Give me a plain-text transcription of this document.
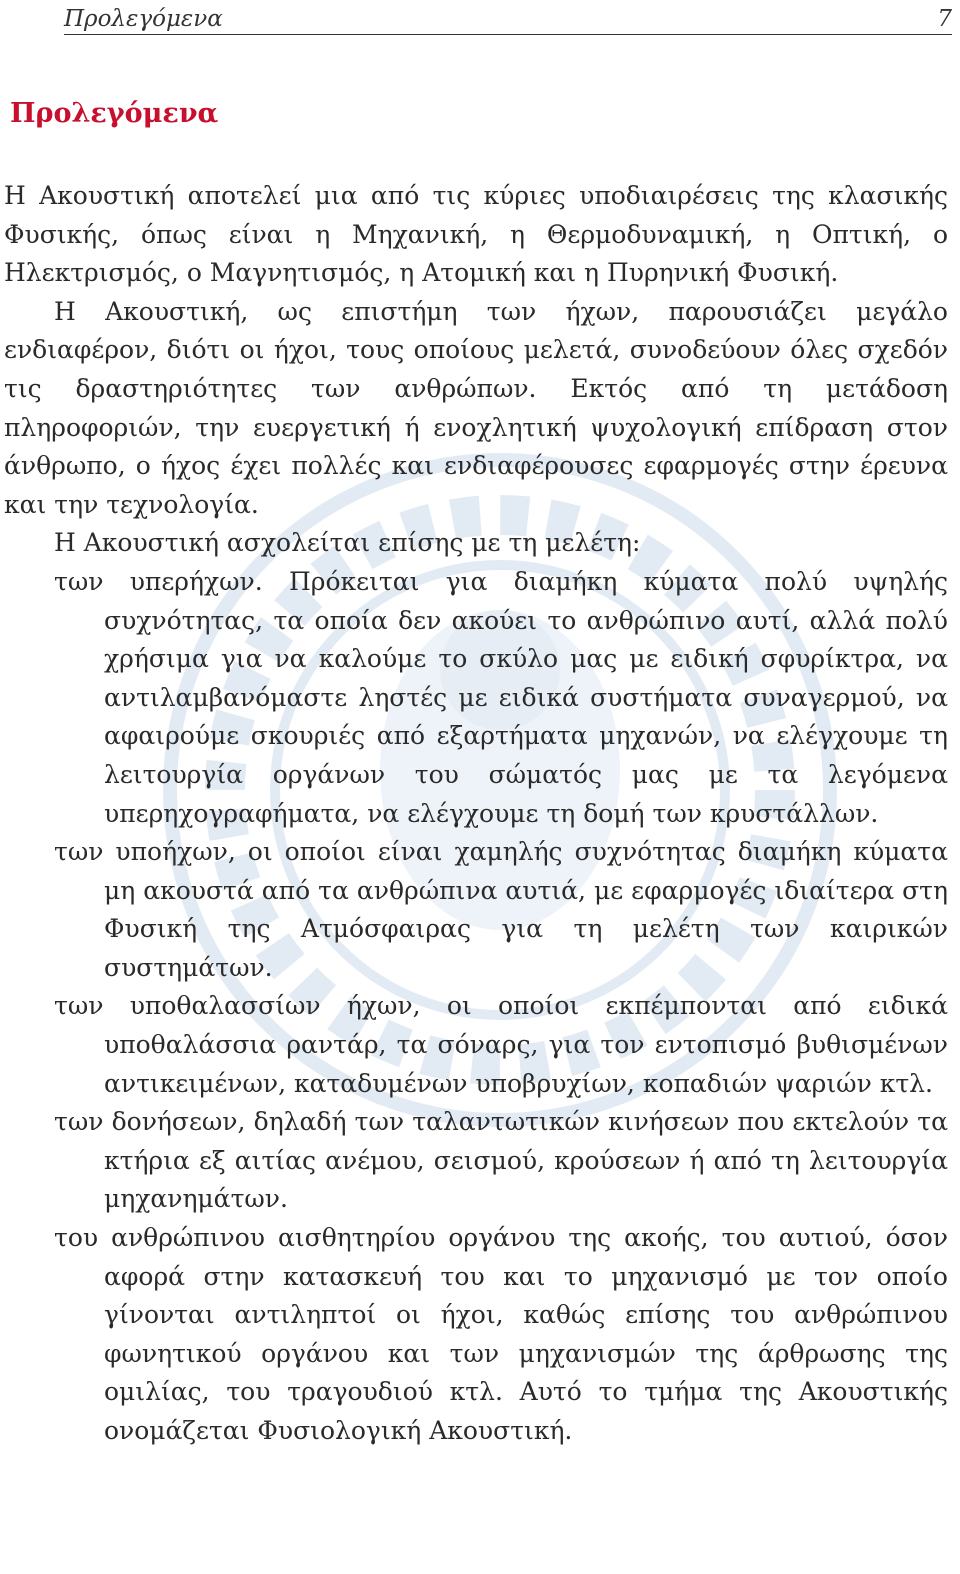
Προλεγόμενα	7
Προλεγόμενα

Η Ακουστική αποτελεί μια από τις κύριες υποδιαιρέσεις της κλασικής Φυσικής, όπως είναι η Μηχανική, η Θερμοδυναμική, η Οπτική, ο Ηλεκτρισμός, ο Μαγνητισμός, η Ατομική και η Πυρηνική Φυσική.

Η Ακουστική, ως επιστήμη των ήχων, παρουσιάζει μεγάλο ενδιαφέρον, διότι οι ήχοι, τους οποίους μελετά, συνοδεύουν όλες σχεδόν τις δραστηριότητες των ανθρώπων. Εκτός από τη μετάδοση πληροφοριών, την ευεργετική ή ενοχλητική ψυχολογική επίδραση στον άνθρωπο, ο ήχος έχει πολλές και ενδιαφέρουσες εφαρμογές στην έρευνα και την τεχνολογία.

Η Ακουστική ασχολείται επίσης με τη μελέτη:

των υπερήχων. Πρόκειται για διαμήκη κύματα πολύ υψηλής συχνότητας, τα οποία δεν ακούει το ανθρώπινο αυτί, αλλά πολύ χρήσιμα για να καλούμε το σκύλο μας με ειδική σφυρίκτρα, να αντιλαμβανόμαστε ληστές με ειδικά συστήματα συναγερμού, να αφαιρούμε σκουριές από εξαρτήματα μηχανών, να ελέγχουμε τη λειτουργία οργάνων του σώματός μας με τα λεγόμενα υπερηχογραφήματα, να ελέγχουμε τη δομή των κρυστάλλων.

των υποήχων, οι οποίοι είναι χαμηλής συχνότητας διαμήκη κύματα μη ακουστά από τα ανθρώπινα αυτιά, με εφαρμογές ιδιαίτερα στη Φυσική της Ατμόσφαιρας για τη μελέτη των καιρικών συστημάτων.

των υποθαλασσίων ήχων, οι οποίοι εκπέμπονται από ειδικά υποθαλάσσια ραντάρ, τα σόναρς, για τον εντοπισμό βυθισμένων αντικειμένων, καταδυμένων υποβρυχίων, κοπαδιών ψαριών κτλ.

των δονήσεων, δηλαδή των ταλαντωτικών κινήσεων που εκτελούν τα κτήρια εξ αιτίας ανέμου, σεισμού, κρούσεων ή από τη λειτουργία μηχανημάτων.

του ανθρώπινου αισθητηρίου οργάνου της ακοής, του αυτιού, όσον αφορά στην κατασκευή του και το μηχανισμό με τον οποίο γίνονται αντιληπτοί οι ήχοι, καθώς επίσης του ανθρώπινου φωνητικού οργάνου και των μηχανισμών της άρθρωσης της ομιλίας, του τραγουδιού κτλ. Αυτό το τμήμα της Ακουστικής ονομάζεται Φυσιολογική Ακουστική.
